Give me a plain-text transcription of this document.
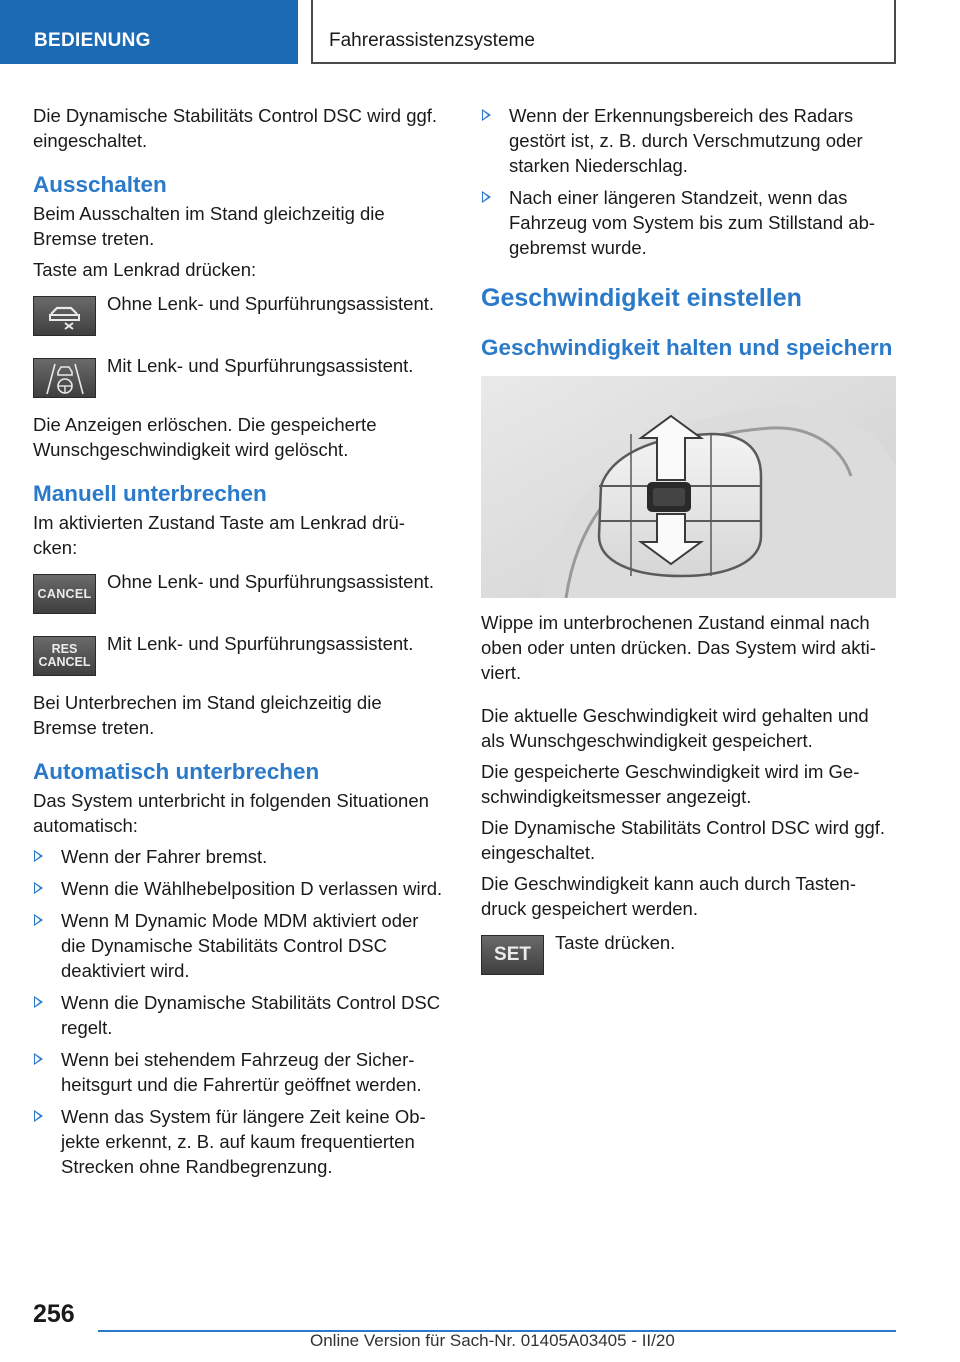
BEDIENUNG	Fahrerassistenzsysteme

Die Dynamische Stabilitäts Control DSC wird ggf. eingeschaltet.

Ausschalten

Beim Ausschalten im Stand gleichzeitig die Bremse treten.

Taste am Lenkrad drücken:

Ohne Lenk- und Spurführungsassistent.
Mit Lenk- und Spurführungsassistent.

Die Anzeigen erlöschen. Die gespeicherte Wunschgeschwindigkeit wird gelöscht.

Manuell unterbrechen

Im aktivierten Zustand Taste am Lenkrad drü-cken:

CANCEL
Ohne Lenk- und Spurführungsassistent.
RES
CANCEL
Mit Lenk- und Spurführungsassistent.

Bei Unterbrechen im Stand gleichzeitig die Bremse treten.

Automatisch unterbrechen

Das System unterbricht in folgenden Situationen automatisch:

Wenn der Fahrer bremst.
Wenn die Wählhebelposition D verlassen wird.
Wenn M Dynamic Mode MDM aktiviert oder die Dynamische Stabilitäts Control DSC deaktiviert wird.
Wenn die Dynamische Stabilitäts Control DSC regelt.
Wenn bei stehendem Fahrzeug der Sicher-heitsgurt und die Fahrertür geöffnet werden.
Wenn das System für längere Zeit keine Ob-jekte erkennt, z. B. auf kaum frequentierten Strecken ohne Randbegrenzung.
Wenn der Erkennungsbereich des Radars gestört ist, z. B. durch Verschmutzung oder starken Niederschlag.
Nach einer längeren Standzeit, wenn das Fahrzeug vom System bis zum Stillstand ab-gebremst wurde.
Geschwindigkeit einstellen
Geschwindigkeit halten und speichern

Wippe im unterbrochenen Zustand einmal nach oben oder unten drücken. Das System wird akti-viert.

Die aktuelle Geschwindigkeit wird gehalten und als Wunschgeschwindigkeit gespeichert.

Die gespeicherte Geschwindigkeit wird im Ge-schwindigkeitsmesser angezeigt.

Die Dynamische Stabilitäts Control DSC wird ggf. eingeschaltet.

Die Geschwindigkeit kann auch durch Tasten-druck gespeichert werden.

SET
Taste drücken.
256
Online Version für Sach-Nr. 01405A03405 - II/20
